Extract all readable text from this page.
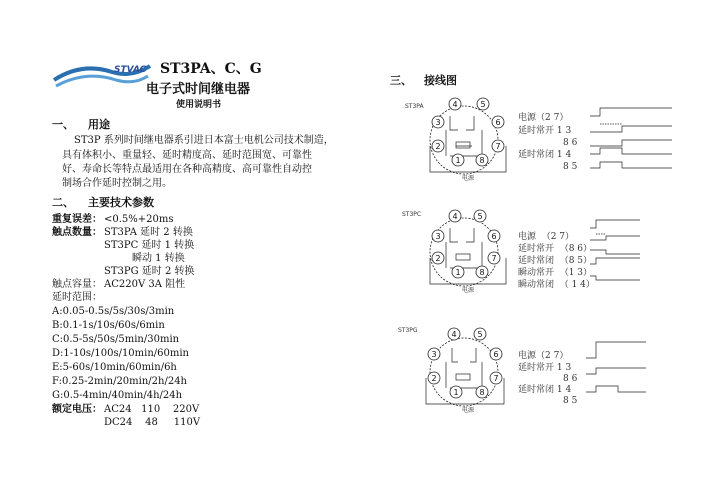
STVAC ST3PA、C、G
电子式时间继电器
使用说明书
一、 用途
ST3P 系列时间继电器系引进日本富士电机公司技术制造，
具有体积小、重量轻、延时精度高、延时范围宽、可靠性
好、寿命长等特点最适用在各种高精度、高可靠性自动控
制场合作延时控制之用。
二、 主要技术参数
重复误差： <0.5%+20ms
触点数量： ST3PA 延时 2 转换
ST3PC 延时 1 转换
瞬动 1 转换
ST3PG 延时 2 转换
触点容量： AC220V 3A 阻性
延时范围：
A:0.05-0.5s/5s/30s/3min
B:0.1-1s/10s/60s/6min
C:0.5-5s/50s/5min/30min
D:1-10s/100s/10min/60min
E:5-60s/10min/60min/6h
F:0.25-2min/20min/2h/24h
G:0.5-4min/40min/4h/24h
额定电压： AC24   110    220V
DC24    48     110V
三、 接线图
ST3PA	4	5
3	6
2	7
1 8
电源
电源（2 7）
延时常开 1 3
8 6
延时常闭 1 4
8 5
ST3PC	4 5
3	6
2	7
1 8
电源
电源  （2 7）
延时常开  （8 6）
延时常闭  （8 5）
瞬动常开  （1 3）
瞬动常闭  （ 1 4）
ST3PG	4	5
3	6
2	7
1	8
电源
电源（2 7）
延时常开 1 3
8 6
延时常闭 1 4
8 5
